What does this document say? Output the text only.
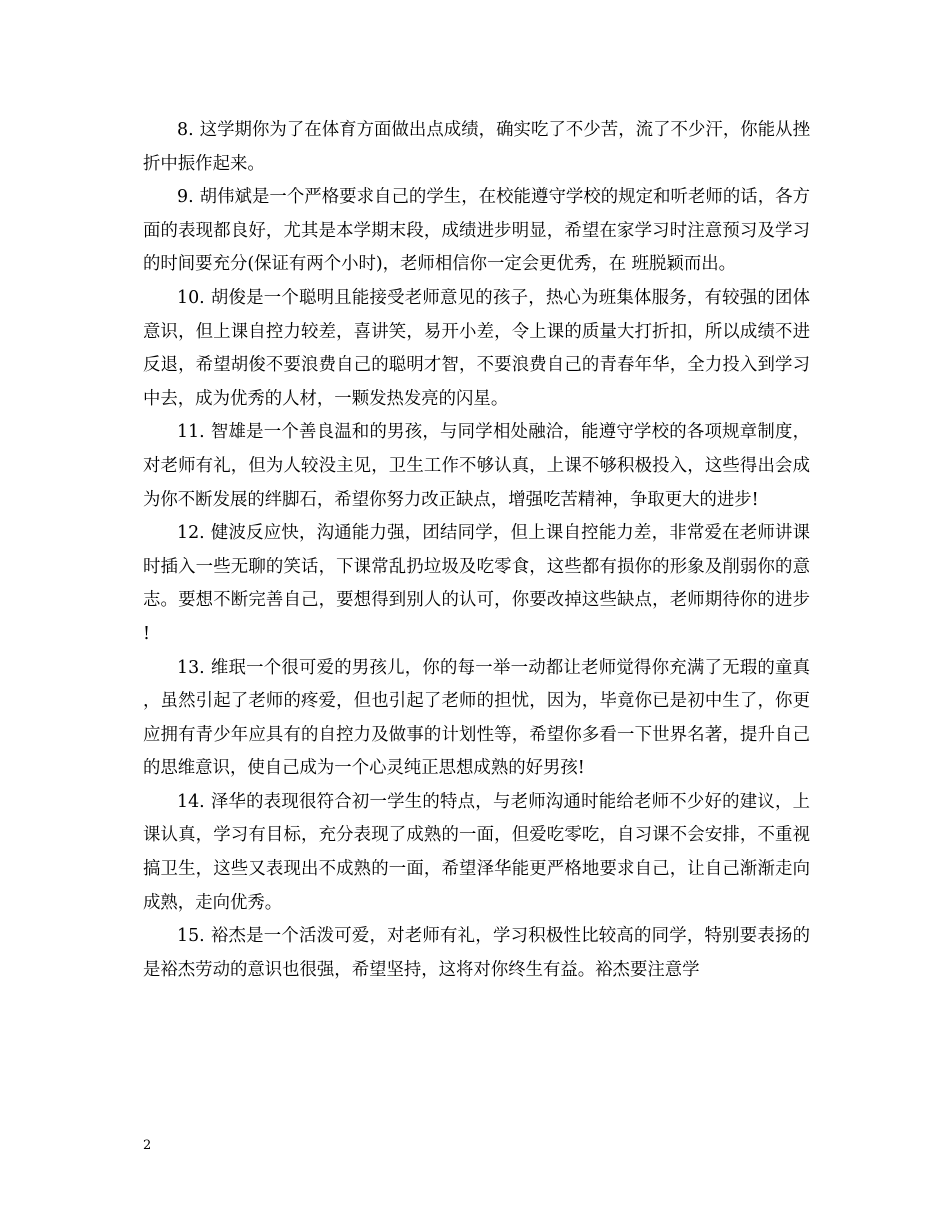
8. 这学期你为了在体育方面做出点成绩，确实吃了不少苦，流了不少汗，你能从挫折中振作起来。

9. 胡伟斌是一个严格要求自己的学生，在校能遵守学校的规定和听老师的话，各方面的表现都良好，尤其是本学期末段，成绩进步明显，希望在家学习时注意预习及学习的时间要充分(保证有两个小时)，老师相信你一定会更优秀，在 班脱颖而出。

10. 胡俊是一个聪明且能接受老师意见的孩子，热心为班集体服务，有较强的团体意识，但上课自控力较差，喜讲笑，易开小差，令上课的质量大打折扣，所以成绩不进反退，希望胡俊不要浪费自己的聪明才智，不要浪费自己的青春年华，全力投入到学习中去，成为优秀的人材，一颗发热发亮的闪星。

11. 智雄是一个善良温和的男孩，与同学相处融洽，能遵守学校的各项规章制度，对老师有礼，但为人较没主见，卫生工作不够认真，上课不够积极投入，这些得出会成为你不断发展的绊脚石，希望你努力改正缺点，增强吃苦精神，争取更大的进步!

12. 健波反应快，沟通能力强，团结同学，但上课自控能力差，非常爱在老师讲课时插入一些无聊的笑话，下课常乱扔垃圾及吃零食，这些都有损你的形象及削弱你的意志。要想不断完善自己，要想得到别人的认可，你要改掉这些缺点，老师期待你的进步!

13. 维珉一个很可爱的男孩儿，你的每一举一动都让老师觉得你充满了无瑕的童真，虽然引起了老师的疼爱，但也引起了老师的担忧，因为，毕竟你已是初中生了，你更应拥有青少年应具有的自控力及做事的计划性等，希望你多看一下世界名著，提升自己的思维意识，使自己成为一个心灵纯正思想成熟的好男孩!

14. 泽华的表现很符合初一学生的特点，与老师沟通时能给老师不少好的建议，上课认真，学习有目标，充分表现了成熟的一面，但爱吃零吃，自习课不会安排，不重视搞卫生，这些又表现出不成熟的一面，希望泽华能更严格地要求自己，让自己渐渐走向成熟，走向优秀。

15. 裕杰是一个活泼可爱，对老师有礼，学习积极性比较高的同学，特别要表扬的是裕杰劳动的意识也很强，希望坚持，这将对你终生有益。裕杰要注意学

2
